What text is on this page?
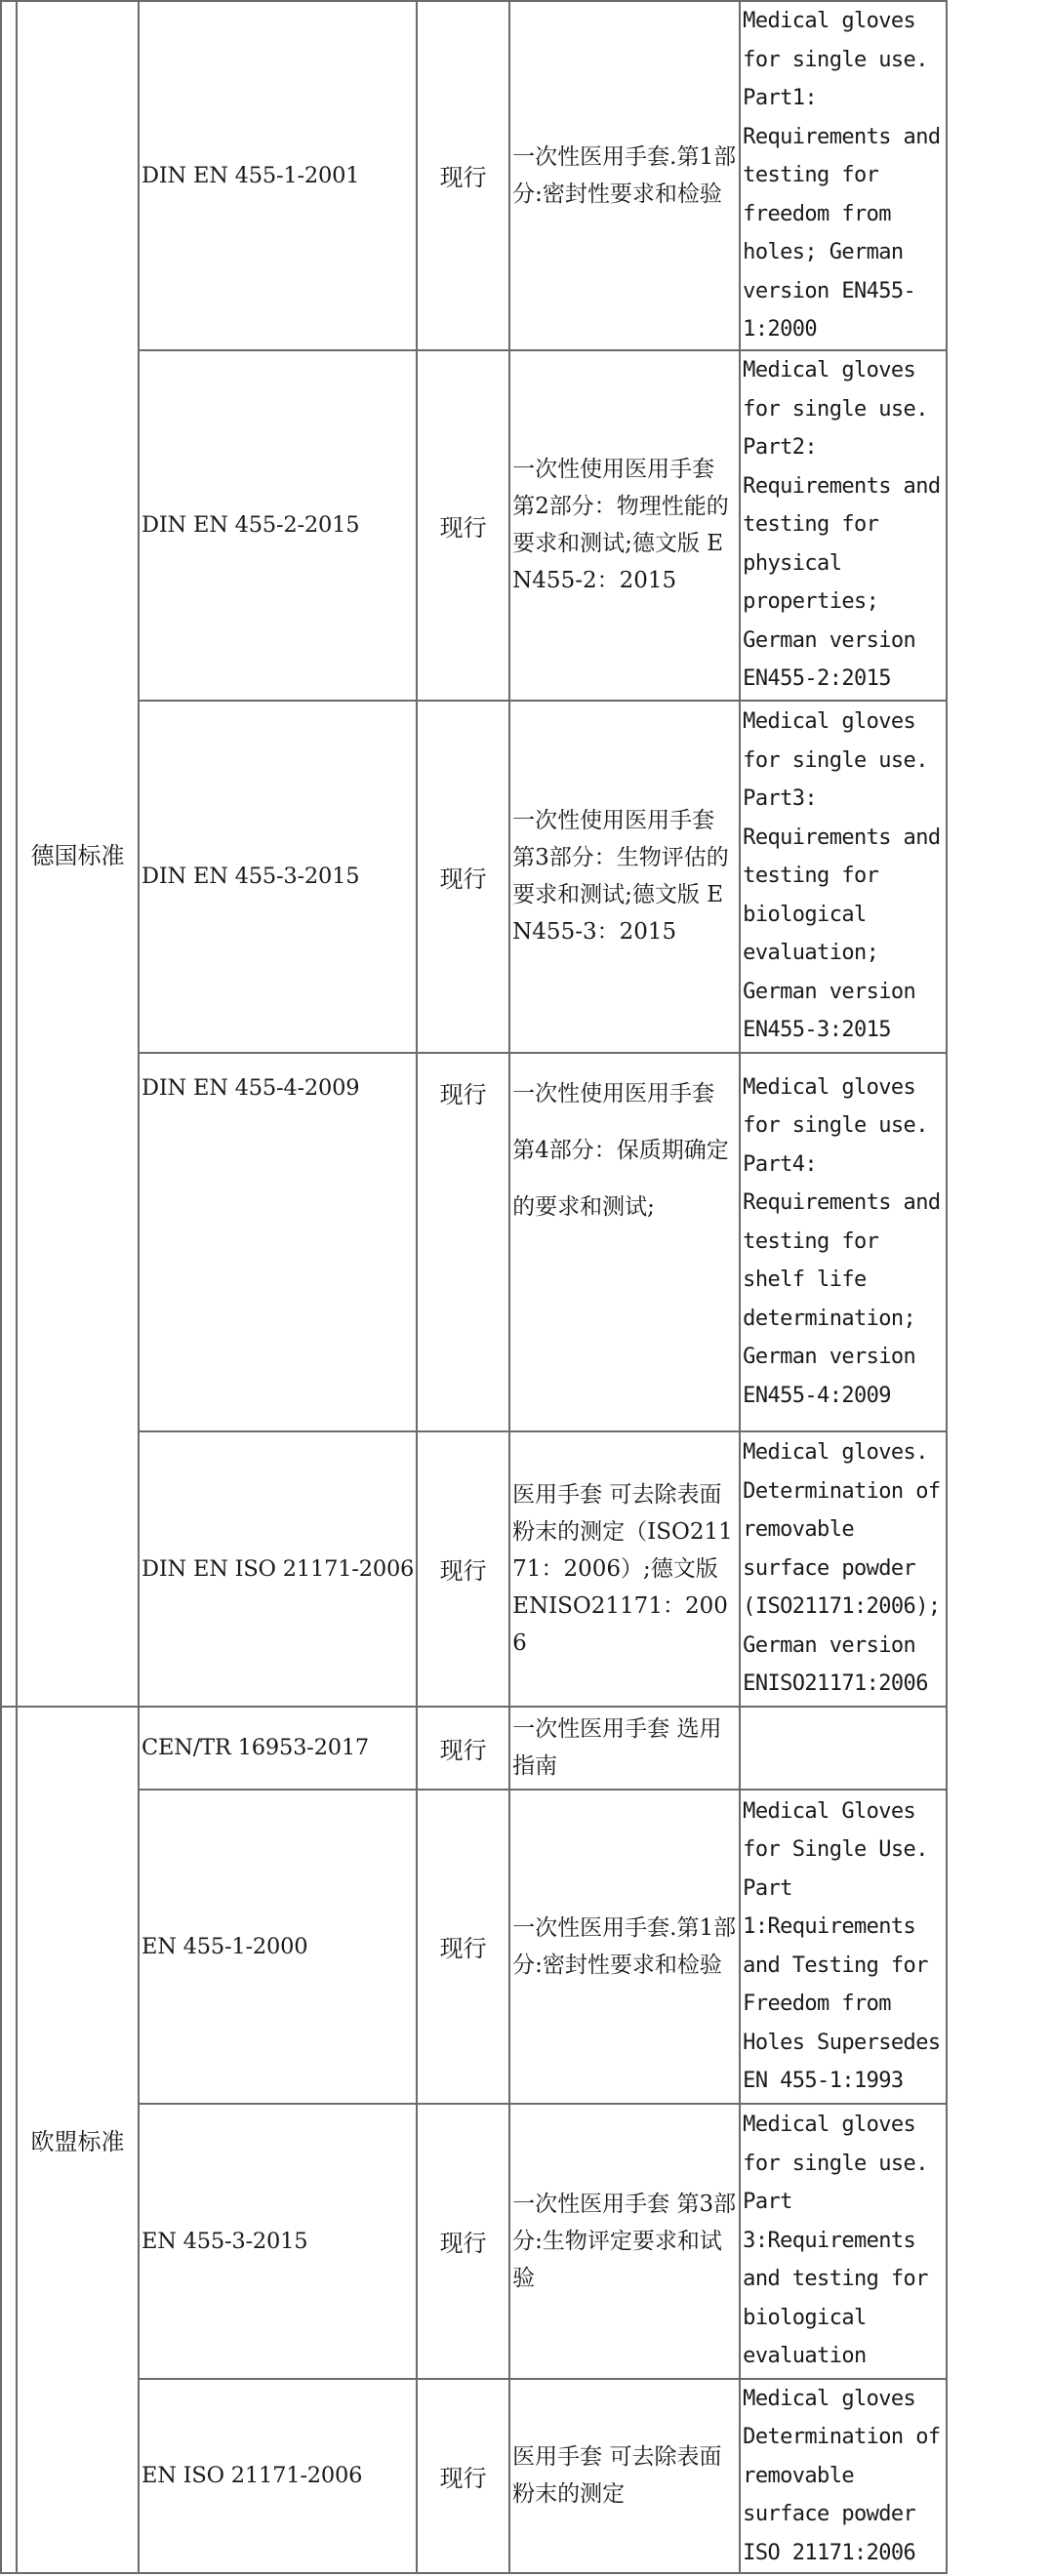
	德国标准	DIN EN 455-1-2001	现行	一次性医用手套.第1部分:密封性要求和检验	Medical gloves for single use. Part1: Requirements and testing for freedom from holes; German version EN455-1:2000

		DIN EN 455-2-2015	现行	一次性使用医用手套 第2部分：物理性能的要求和测试;德文版 EN455-2：2015	Medical gloves for single use. Part2: Requirements and testing for physical properties; German version EN455-2:2015

		DIN EN 455-3-2015	现行	一次性使用医用手套 第3部分：生物评估的要求和测试;德文版 EN455-3：2015	Medical gloves for single use. Part3: Requirements and testing for biological evaluation; German version EN455-3:2015

		DIN EN 455-4-2009	现行	一次性使用医用手套 第4部分：保质期确定的要求和测试;	Medical gloves for single use. Part4: Requirements and testing for shelf life determination; German version EN455-4:2009

		DIN EN ISO 21171-2006	现行	医用手套 可去除表面粉末的测定（ISO21171：2006）;德文版 ENISO21171：2006	Medical gloves. Determination of removable surface powder (ISO21171:2006); German version ENISO21171:2006
	欧盟标准	CEN/TR 16953-2017	现行	一次性医用手套 选用指南	

		EN 455-1-2000	现行	一次性医用手套.第1部分:密封性要求和检验	Medical Gloves for Single Use. Part 1:Requirements and Testing for Freedom from Holes Supersedes EN 455-1:1993

		EN 455-3-2015	现行	一次性医用手套 第3部分:生物评定要求和试验	Medical gloves for single use. Part 3:Requirements and testing for biological evaluation

		EN ISO 21171-2006	现行	医用手套 可去除表面粉末的测定	Medical gloves Determination of removable surface powder ISO 21171:2006
